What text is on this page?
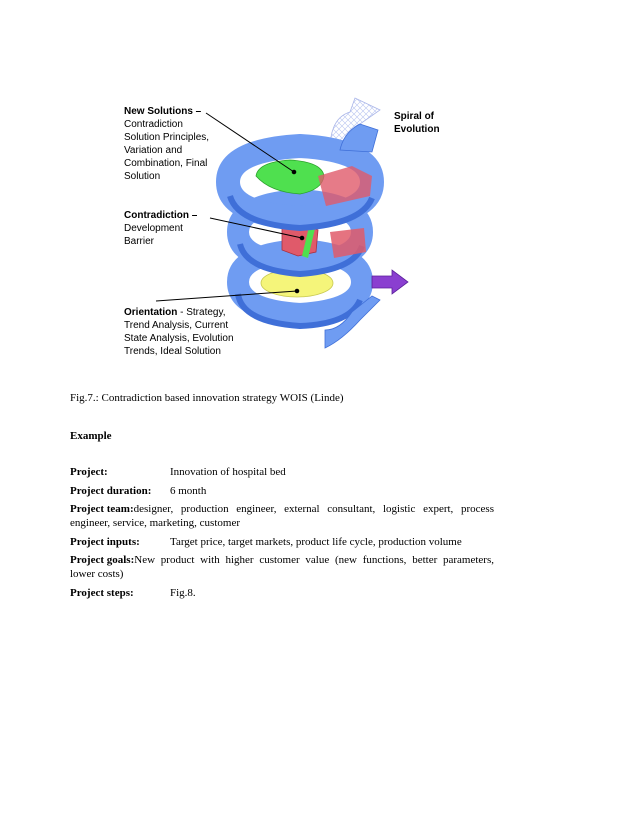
New Solutions –
Contradiction
Solution Principles,
Variation and
Combination, Final
Solution
Contradiction –
Development
Barrier
Orientation - Strategy,
Trend Analysis, Current
State Analysis, Evolution
Trends, Ideal Solution
Spiral of
Evolution
Fig.7.: Contradiction based innovation strategy WOIS (Linde)
Example
Project:	Innovation of hospital bed
Project duration: 6 month
Project team:designer, production engineer, external consultant, logistic expert, process engineer, service, marketing, customer
Project inputs:	Target price, target markets, product life cycle, production volume
Project goals:New product with higher customer value (new functions, better parameters, lower costs)
Project steps:	Fig.8.
